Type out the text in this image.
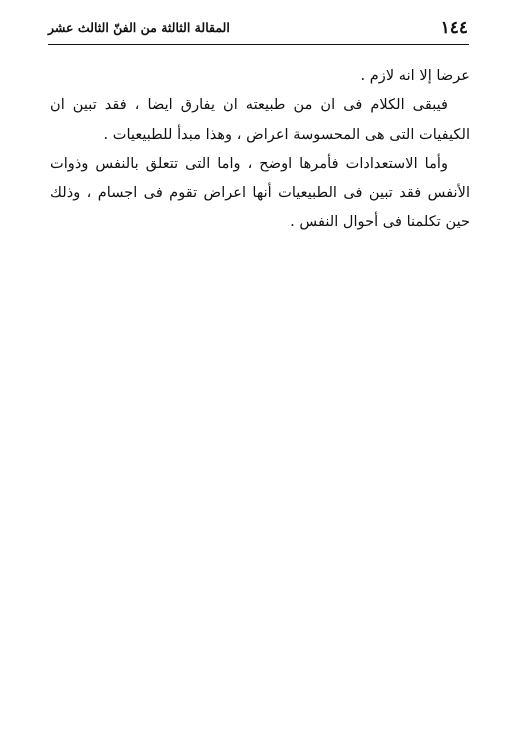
١٤٤
المقالة الثالثة من الفنّ الثالث عشر

عرضا إلا انه لازم .

فيبقى الكلام فى ان من طبيعته ان يفارق ايضا ، فقد تبين ان الكيفيات التى هى المحسوسة اعراض ، وهذا مبدأ للطبيعيات .

وأما الاستعدادات فأمرها اوضح ، واما التى تتعلق بالنفس وذوات الأنفس فقد تبين فى الطبيعيات أنها اعراض تقوم فى اجسام ، وذلك حين تكلمنا فى أحوال النفس .
